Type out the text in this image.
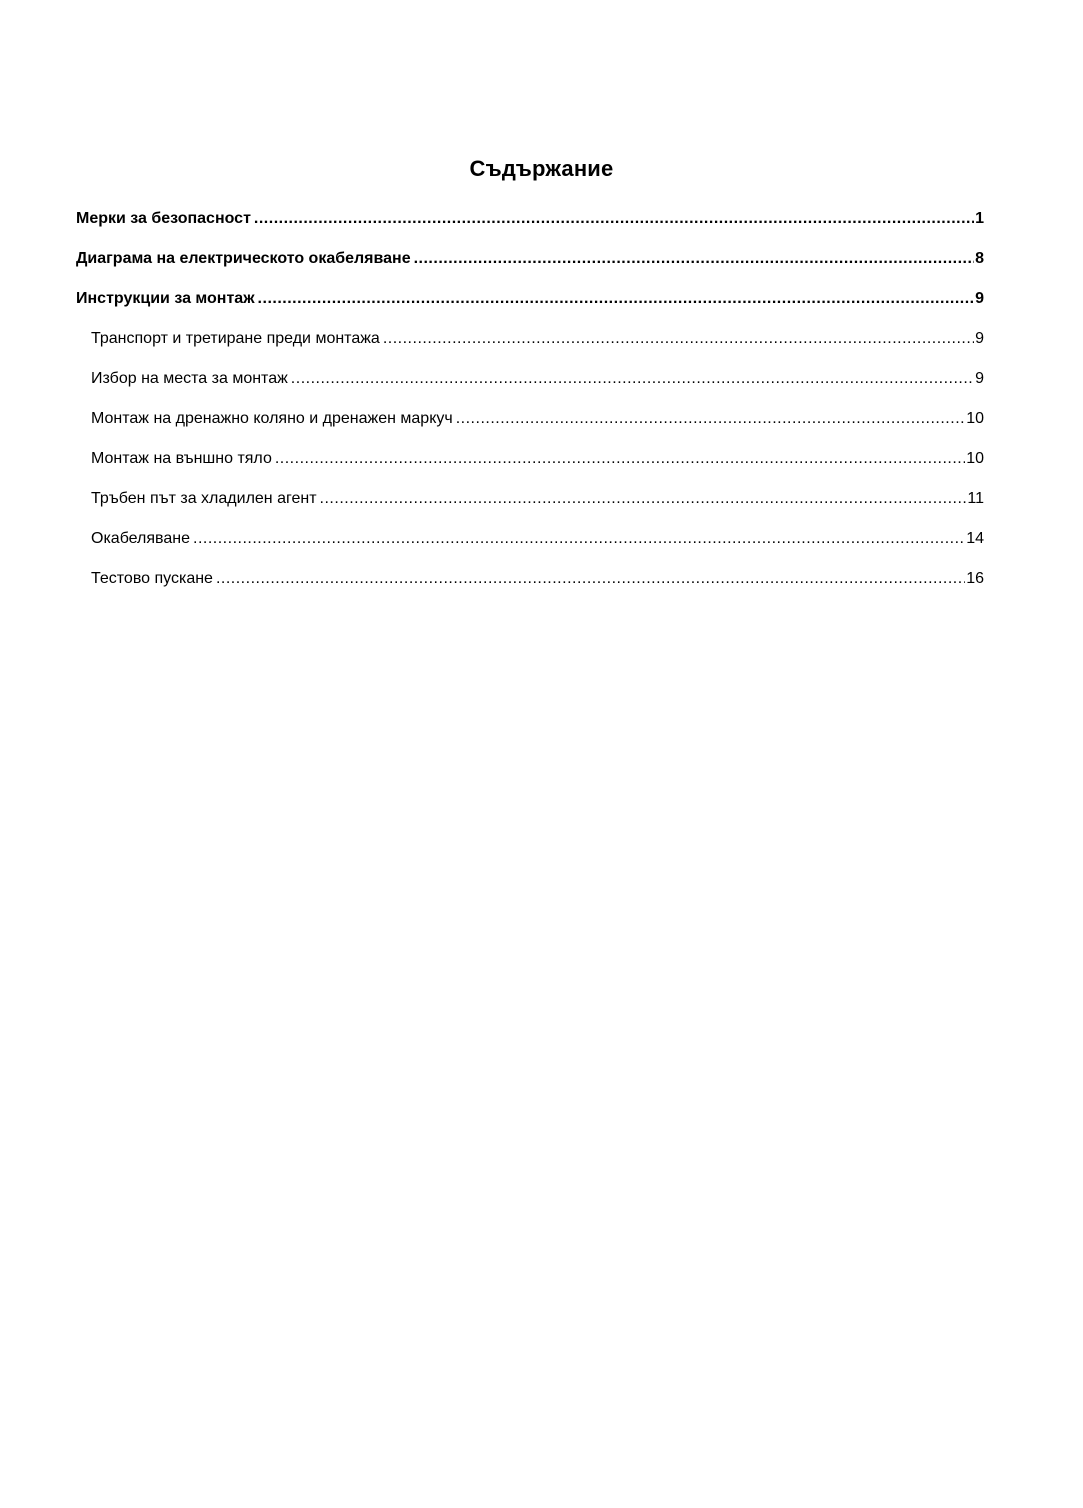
Съдържание
Мерки за безопасност .....	1
Диаграма на електрическото окабеляване .....	8
Инструкции за монтаж .....	9
Транспорт и третиране преди монтажа .....	9
Избор на места за монтаж .....	9
Монтаж на дренажно коляно и дренажен маркуч .....	10
Монтаж на външно тяло .....	10
Тръбен път за хладилен агент .....	11
Окабеляване .....	14
Тестово пускане .....	16
